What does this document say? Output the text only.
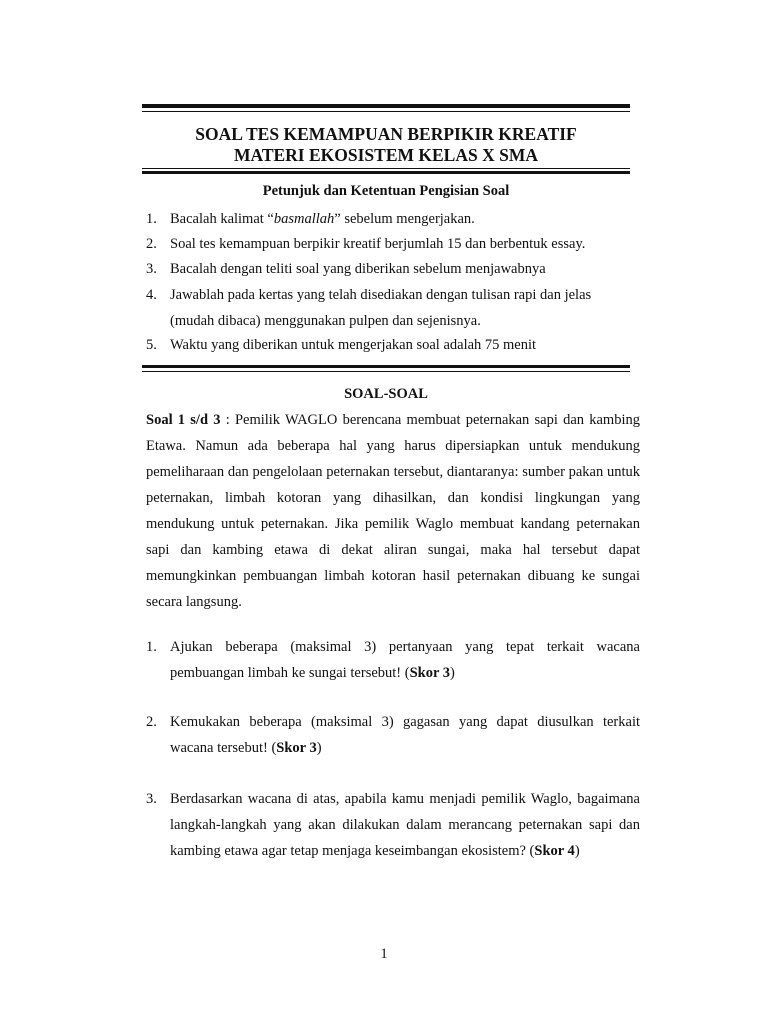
SOAL TES KEMAMPUAN BERPIKIR KREATIF
MATERI EKOSISTEM KELAS X SMA

Petunjuk dan Ketentuan Pengisian Soal

1. Bacalah kalimat “basmallah” sebelum mengerjakan.
2. Soal tes kemampuan berpikir kreatif berjumlah 15 dan berbentuk essay.
3. Bacalah dengan teliti soal yang diberikan sebelum menjawabnya
4. Jawablah pada kertas yang telah disediakan dengan tulisan rapi dan jelas (mudah dibaca) menggunakan pulpen dan sejenisnya.
5. Waktu yang diberikan untuk mengerjakan soal adalah 75 menit

SOAL-SOAL

Soal 1 s/d 3 : Pemilik WAGLO berencana membuat peternakan sapi dan kambing Etawa. Namun ada beberapa hal yang harus dipersiapkan untuk mendukung pemeliharaan dan pengelolaan peternakan tersebut, diantaranya: sumber pakan untuk peternakan, limbah kotoran yang dihasilkan, dan kondisi lingkungan yang mendukung untuk peternakan. Jika pemilik Waglo membuat kandang peternakan sapi dan kambing etawa di dekat aliran sungai, maka hal tersebut dapat memungkinkan pembuangan limbah kotoran hasil peternakan dibuang ke sungai secara langsung.

1. Ajukan beberapa (maksimal 3) pertanyaan yang tepat terkait wacana pembuangan limbah ke sungai tersebut! (Skor 3)
2. Kemukakan beberapa (maksimal 3) gagasan yang dapat diusulkan terkait wacana tersebut! (Skor 3)
3. Berdasarkan wacana di atas, apabila kamu menjadi pemilik Waglo, bagaimana langkah-langkah yang akan dilakukan dalam merancang peternakan sapi dan kambing etawa agar tetap menjaga keseimbangan ekosistem? (Skor 4)

1
